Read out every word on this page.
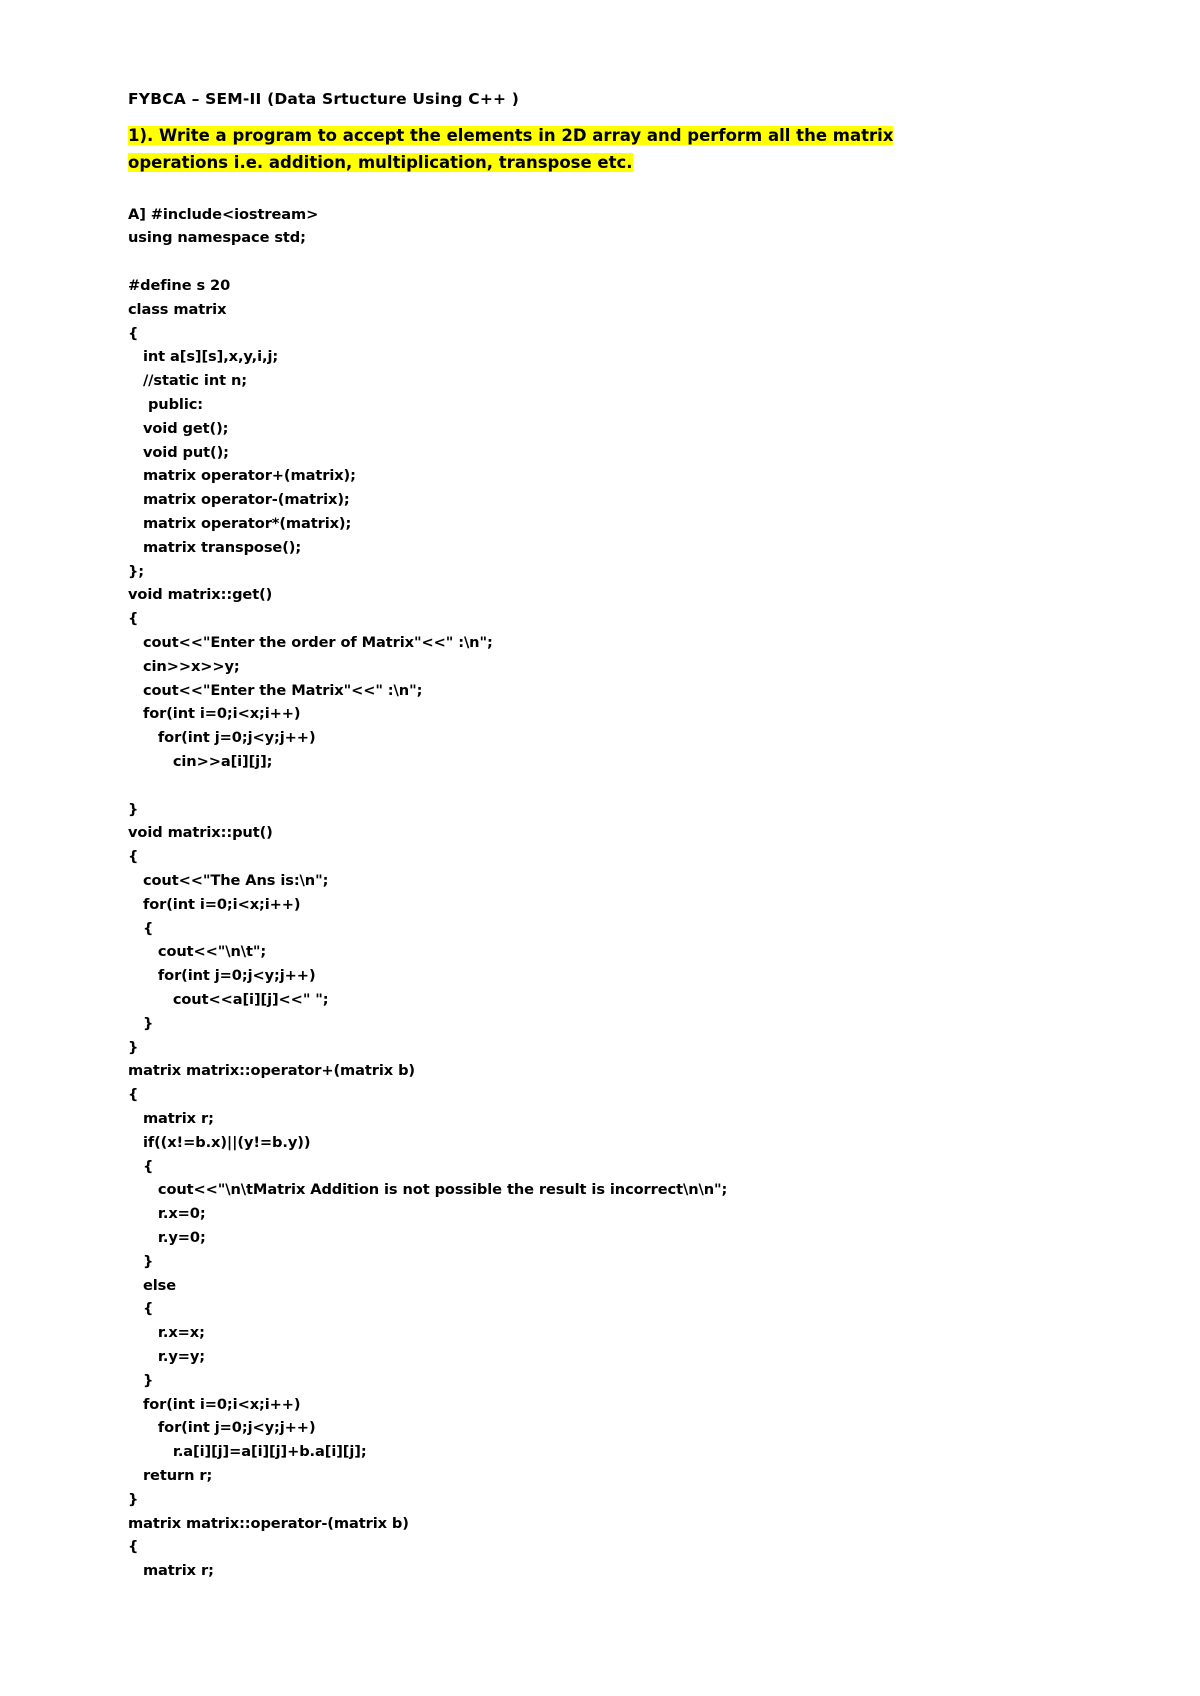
FYBCA – SEM-II (Data Srtucture Using C++ )
1). Write a program to accept the elements in 2D array and perform all the matrix operations i.e. addition, multiplication, transpose etc.
A] #include<iostream>
using namespace std;

#define s 20
class matrix
{
int a[s][s],x,y,i,j;
//static int n;
public:
void get();
void put();
matrix operator+(matrix);
matrix operator-(matrix);
matrix operator*(matrix);
matrix transpose();
};
void matrix::get()
{
cout<<"Enter the order of Matrix"<<" :\n";
cin>>x>>y;
cout<<"Enter the Matrix"<<" :\n";
for(int i=0;i<x;i++)
for(int j=0;j<y;j++)
cin>>a[i][j];

}
void matrix::put()
{
cout<<"The Ans is:\n";
for(int i=0;i<x;i++)
{
cout<<"\n\t";
for(int j=0;j<y;j++)
cout<<a[i][j]<<" ";
}
}
matrix matrix::operator+(matrix b)
{
matrix r;
if((x!=b.x)||(y!=b.y))
{
cout<<"\n\tMatrix Addition is not possible the result is incorrect\n\n";
r.x=0;
r.y=0;
}
else
{
r.x=x;
r.y=y;
}
for(int i=0;i<x;i++)
for(int j=0;j<y;j++)
r.a[i][j]=a[i][j]+b.a[i][j];
return r;
}
matrix matrix::operator-(matrix b)
{
matrix r;
